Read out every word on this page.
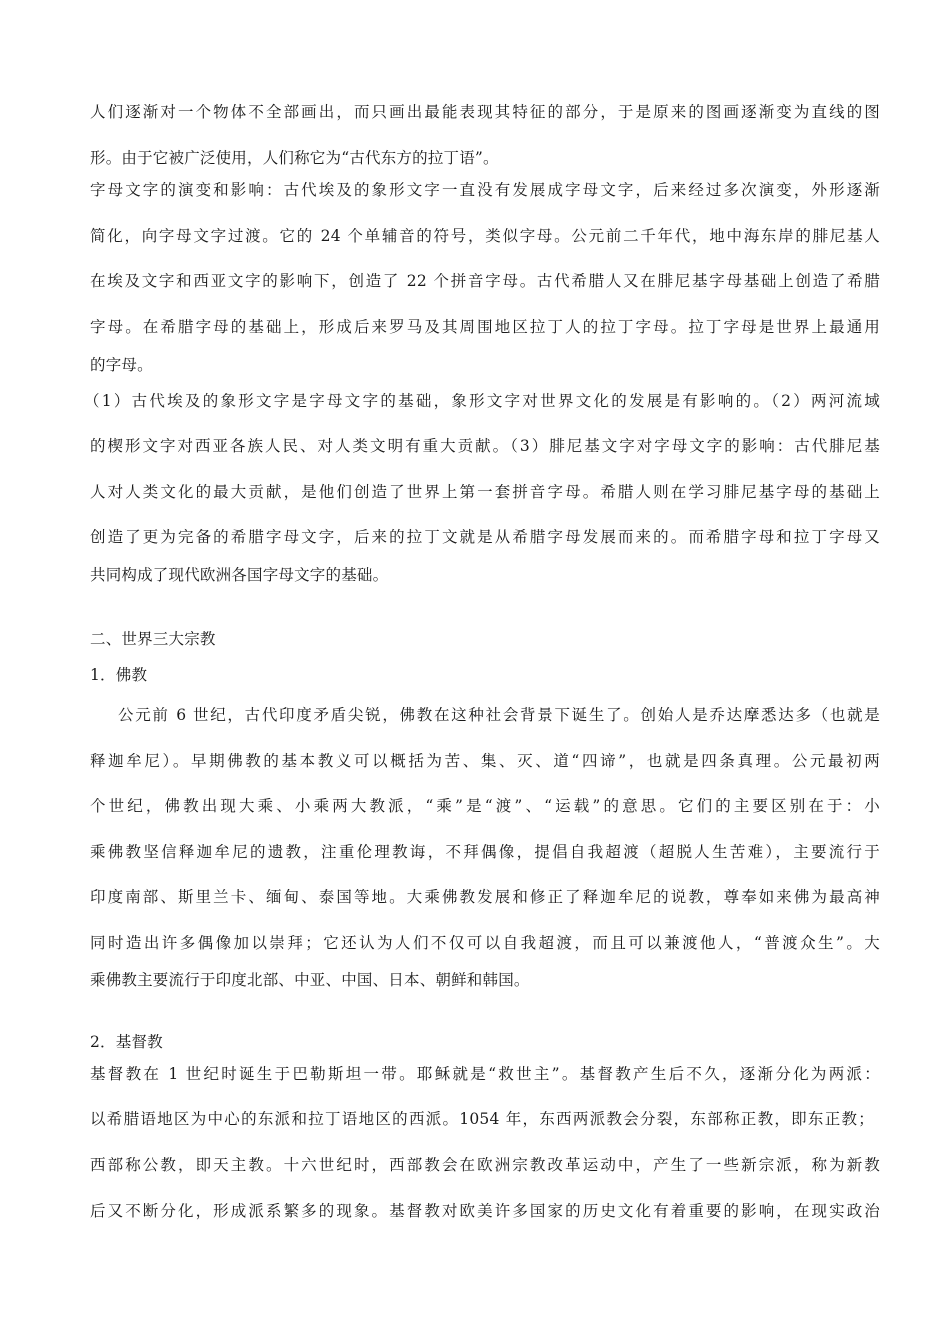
人们逐渐对一个物体不全部画出，而只画出最能表现其特征的部分，于是原来的图画逐渐变为直线的图
形。由于它被广泛使用，人们称它为“古代东方的拉丁语”。
字母文字的演变和影响：古代埃及的象形文字一直没有发展成字母文字，后来经过多次演变，外形逐渐
简化，向字母文字过渡。它的 24 个单辅音的符号，类似字母。公元前二千年代，地中海东岸的腓尼基人
在埃及文字和西亚文字的影响下，创造了 22 个拼音字母。古代希腊人又在腓尼基字母基础上创造了希腊
字母。在希腊字母的基础上，形成后来罗马及其周围地区拉丁人的拉丁字母。拉丁字母是世界上最通用
的字母。
（1）古代埃及的象形文字是字母文字的基础，象形文字对世界文化的发展是有影响的。（2）两河流域
的楔形文字对西亚各族人民、对人类文明有重大贡献。（3）腓尼基文字对字母文字的影响：古代腓尼基
人对人类文化的最大贡献，是他们创造了世界上第一套拼音字母。希腊人则在学习腓尼基字母的基础上
创造了更为完备的希腊字母文字，后来的拉丁文就是从希腊字母发展而来的。而希腊字母和拉丁字母又
共同构成了现代欧洲各国字母文字的基础。
二、世界三大宗教
1．佛教
公元前 6 世纪，古代印度矛盾尖锐，佛教在这种社会背景下诞生了。创始人是乔达摩悉达多（也就是
释迦牟尼）。早期佛教的基本教义可以概括为苦、集、灭、道“四谛”，也就是四条真理。公元最初两
个世纪，佛教出现大乘、小乘两大教派，“乘”是“渡”、“运载”的意思。它们的主要区别在于：小
乘佛教坚信释迦牟尼的遗教，注重伦理教诲，不拜偶像，提倡自我超渡（超脱人生苦难），主要流行于
印度南部、斯里兰卡、缅甸、泰国等地。大乘佛教发展和修正了释迦牟尼的说教，尊奉如来佛为最高神
同时造出许多偶像加以崇拜；它还认为人们不仅可以自我超渡，而且可以兼渡他人，“普渡众生”。大
乘佛教主要流行于印度北部、中亚、中国、日本、朝鲜和韩国。
2．基督教
基督教在 1 世纪时诞生于巴勒斯坦一带。耶稣就是“救世主”。基督教产生后不久，逐渐分化为两派：
以希腊语地区为中心的东派和拉丁语地区的西派。1054 年，东西两派教会分裂，东部称正教，即东正教；
西部称公教，即天主教。十六世纪时，西部教会在欧洲宗教改革运动中，产生了一些新宗派，称为新教
后又不断分化，形成派系繁多的现象。基督教对欧美许多国家的历史文化有着重要的影响，在现实政治
